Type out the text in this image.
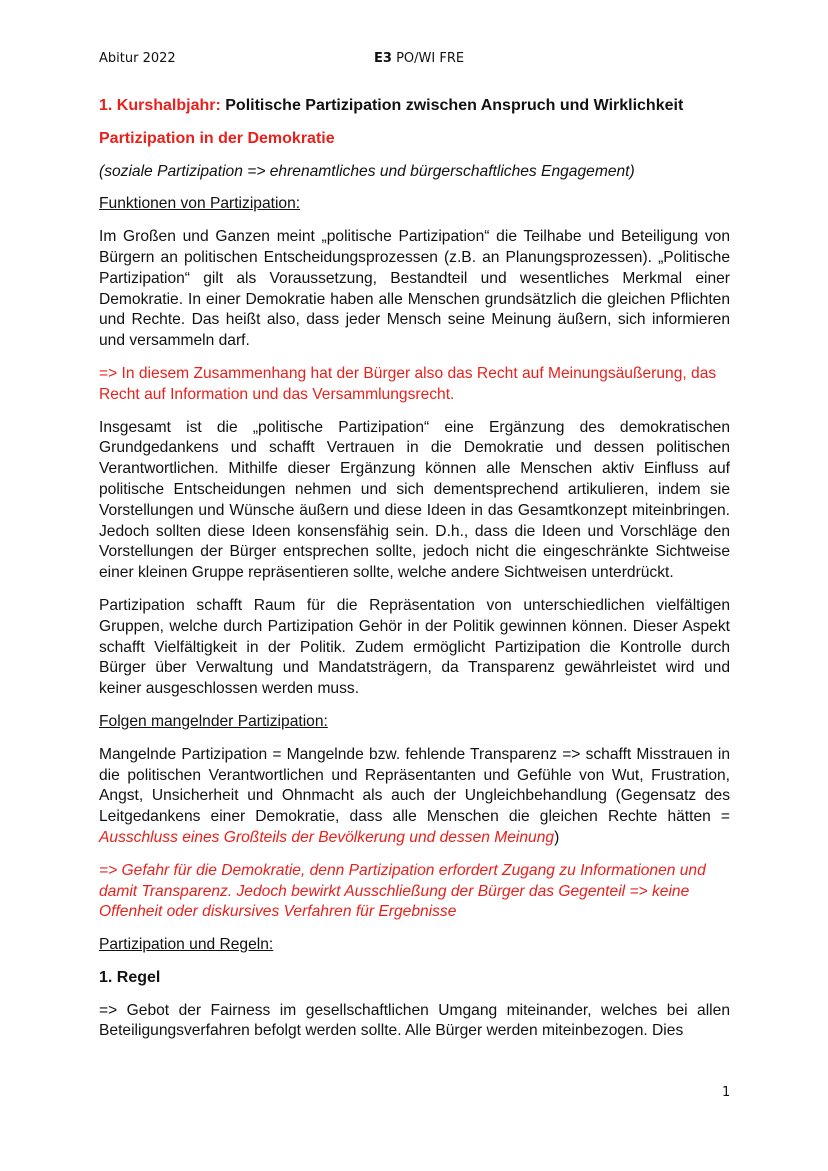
Abitur 2022	E3 PO/WI FRE

1. Kurshalbjahr: Politische Partizipation zwischen Anspruch und Wirklichkeit

Partizipation in der Demokratie

(soziale Partizipation => ehrenamtliches und bürgerschaftliches Engagement)

Funktionen von Partizipation:

Im Großen und Ganzen meint „politische Partizipation“ die Teilhabe und Beteiligung von Bürgern an politischen Entscheidungsprozessen (z.B. an Planungsprozessen). „Politische Partizipation“ gilt als Voraussetzung, Bestandteil und wesentliches Merkmal einer Demokratie. In einer Demokratie haben alle Menschen grundsätzlich die gleichen Pflichten und Rechte. Das heißt also, dass jeder Mensch seine Meinung äußern, sich informieren und versammeln darf.

=> In diesem Zusammenhang hat der Bürger also das Recht auf Meinungsäußerung, das Recht auf Information und das Versammlungsrecht.

Insgesamt ist die „politische Partizipation“ eine Ergänzung des demokratischen Grundgedankens und schafft Vertrauen in die Demokratie und dessen politischen Verantwortlichen. Mithilfe dieser Ergänzung können alle Menschen aktiv Einfluss auf politische Entscheidungen nehmen und sich dementsprechend artikulieren, indem sie Vorstellungen und Wünsche äußern und diese Ideen in das Gesamtkonzept miteinbringen. Jedoch sollten diese Ideen konsensfähig sein. D.h., dass die Ideen und Vorschläge den Vorstellungen der Bürger entsprechen sollte, jedoch nicht die eingeschränkte Sichtweise einer kleinen Gruppe repräsentieren sollte, welche andere Sichtweisen unterdrückt.

Partizipation schafft Raum für die Repräsentation von unterschiedlichen vielfältigen Gruppen, welche durch Partizipation Gehör in der Politik gewinnen können. Dieser Aspekt schafft Vielfältigkeit in der Politik. Zudem ermöglicht Partizipation die Kontrolle durch Bürger über Verwaltung und Mandatsträgern, da Transparenz gewährleistet wird und keiner ausgeschlossen werden muss.

Folgen mangelnder Partizipation:

Mangelnde Partizipation = Mangelnde bzw. fehlende Transparenz => schafft Misstrauen in die politischen Verantwortlichen und Repräsentanten und Gefühle von Wut, Frustration, Angst, Unsicherheit und Ohnmacht als auch der Ungleichbehandlung (Gegensatz des Leitgedankens einer Demokratie, dass alle Menschen die gleichen Rechte hätten = Ausschluss eines Großteils der Bevölkerung und dessen Meinung)

=> Gefahr für die Demokratie, denn Partizipation erfordert Zugang zu Informationen und damit Transparenz. Jedoch bewirkt Ausschließung der Bürger das Gegenteil => keine Offenheit oder diskursives Verfahren für Ergebnisse

Partizipation und Regeln:

1. Regel

=> Gebot der Fairness im gesellschaftlichen Umgang miteinander, welches bei allen Beteiligungsverfahren befolgt werden sollte. Alle Bürger werden miteinbezogen. Dies

1
